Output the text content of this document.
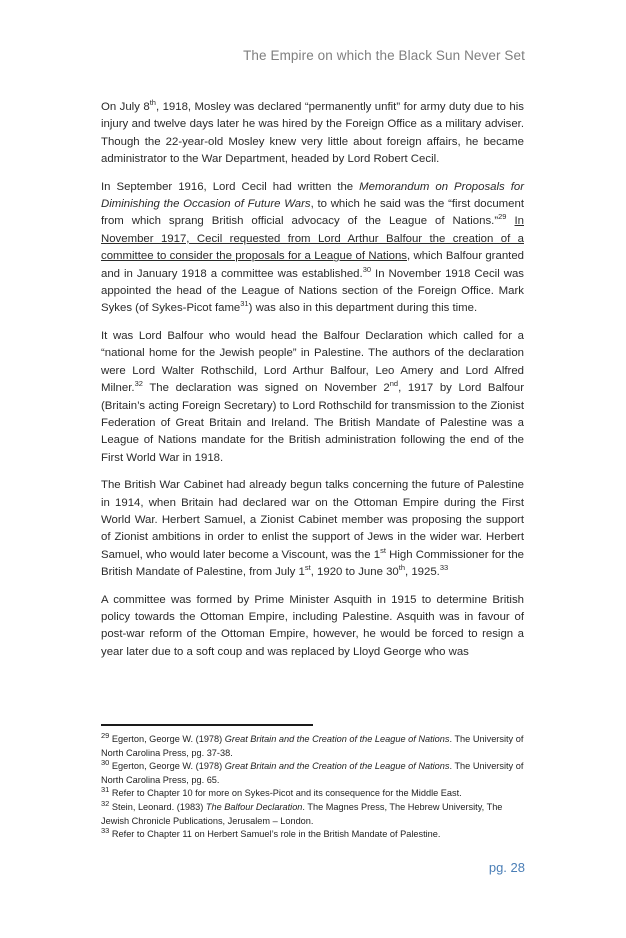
The Empire on which the Black Sun Never Set

On July 8th, 1918, Mosley was declared “permanently unfit” for army duty due to his injury and twelve days later he was hired by the Foreign Office as a military adviser. Though the 22-year-old Mosley knew very little about foreign affairs, he became administrator to the War Department, headed by Lord Robert Cecil.

In September 1916, Lord Cecil had written the Memorandum on Proposals for Diminishing the Occasion of Future Wars, to which he said was the “first document from which sprang British official advocacy of the League of Nations.”$^{29}$ In November 1917, Cecil requested from Lord Arthur Balfour the creation of a committee to consider the proposals for a League of Nations, which Balfour granted and in January 1918 a committee was established.$^{30}$ In November 1918 Cecil was appointed the head of the League of Nations section of the Foreign Office. Mark Sykes (of Sykes-Picot fame$^{31}$) was also in this department during this time.

It was Lord Balfour who would head the Balfour Declaration which called for a “national home for the Jewish people” in Palestine. The authors of the declaration were Lord Walter Rothschild, Lord Arthur Balfour, Leo Amery and Lord Alfred Milner.$^{32}$ The declaration was signed on November 2nd, 1917 by Lord Balfour (Britain’s acting Foreign Secretary) to Lord Rothschild for transmission to the Zionist Federation of Great Britain and Ireland. The British Mandate of Palestine was a League of Nations mandate for the British administration following the end of the First World War in 1918.

The British War Cabinet had already begun talks concerning the future of Palestine in 1914, when Britain had declared war on the Ottoman Empire during the First World War. Herbert Samuel, a Zionist Cabinet member was proposing the support of Zionist ambitions in order to enlist the support of Jews in the wider war. Herbert Samuel, who would later become a Viscount, was the 1st High Commissioner for the British Mandate of Palestine, from July 1st, 1920 to June 30th, 1925.33

A committee was formed by Prime Minister Asquith in 1915 to determine British policy towards the Ottoman Empire, including Palestine. Asquith was in favour of post-war reform of the Ottoman Empire, however, he would be forced to resign a year later due to a soft coup and was replaced by Lloyd George who was

$^{29}$ Egerton, George W. (1978) Great Britain and the Creation of the League of Nations. The University of North Carolina Press, pg. 37-38.

$^{30}$ Egerton, George W. (1978) Great Britain and the Creation of the League of Nations. The University of North Carolina Press, pg. 65.

$^{31}$ Refer to Chapter 10 for more on Sykes-Picot and its consequence for the Middle East.

$^{32}$ Stein, Leonard. (1983) The Balfour Declaration. The Magnes Press, The Hebrew University, The Jewish Chronicle Publications, Jerusalem – London.

$^{33}$ Refer to Chapter 11 on Herbert Samuel’s role in the British Mandate of Palestine.

pg. 28
